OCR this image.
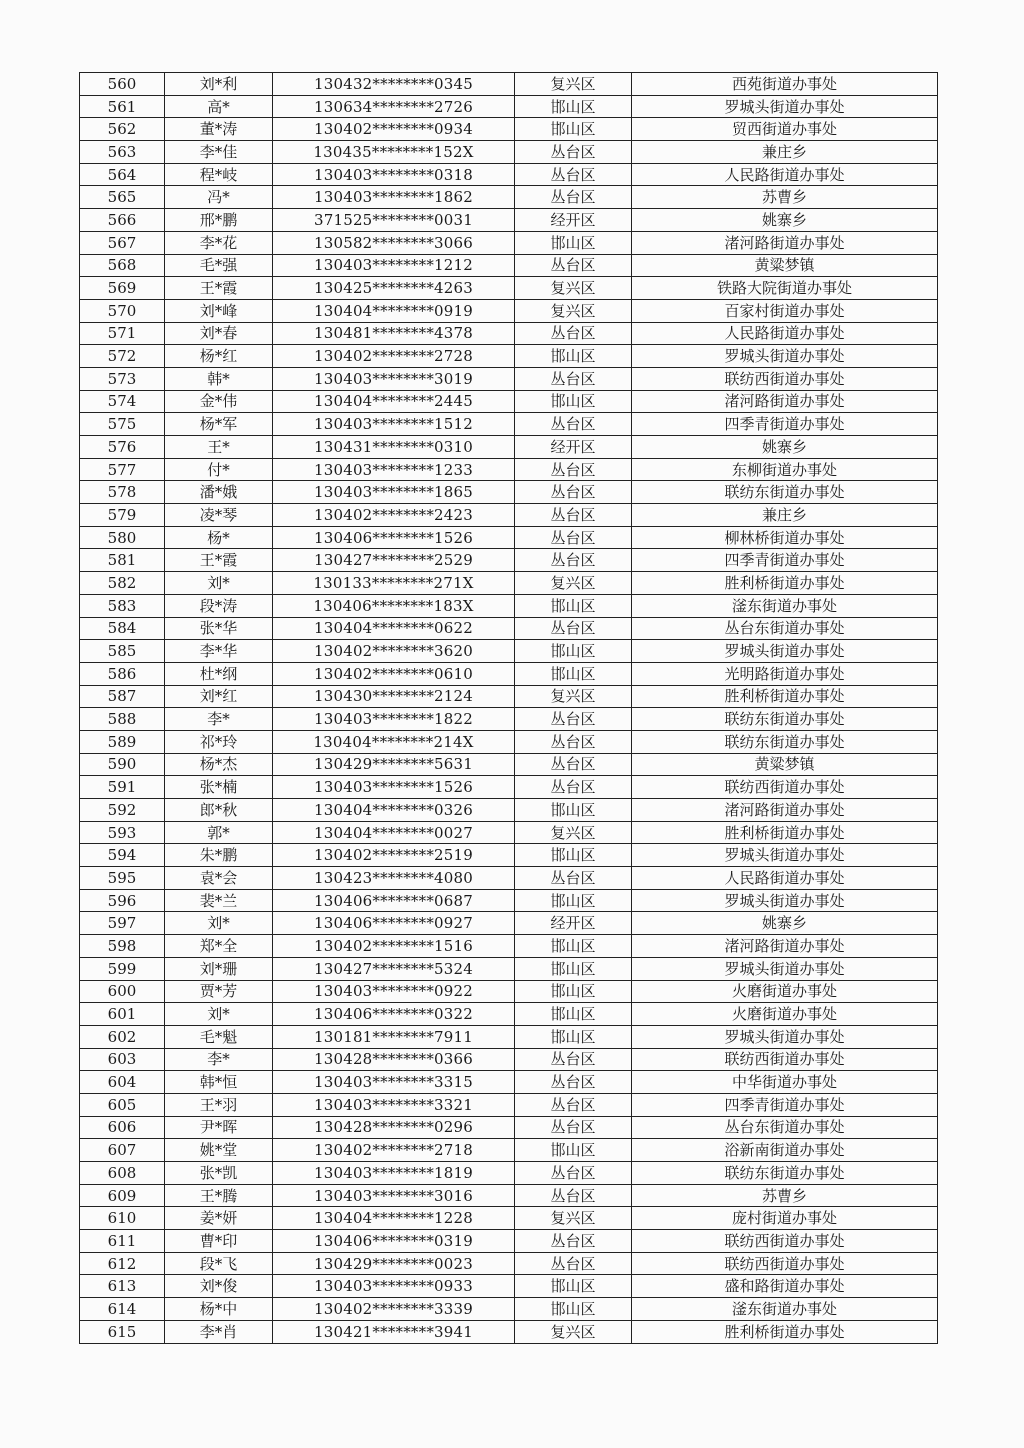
560	刘*利	130432********0345	复兴区	西苑街道办事处
561	高*	130634********2726	邯山区	罗城头街道办事处
562	董*涛	130402********0934	邯山区	贸西街道办事处
563	李*佳	130435********152X	丛台区	兼庄乡
564	程*岐	130403********0318	丛台区	人民路街道办事处
565	冯*	130403********1862	丛台区	苏曹乡
566	邢*鹏	371525********0031	经开区	姚寨乡
567	李*花	130582********3066	邯山区	渚河路街道办事处
568	毛*强	130403********1212	丛台区	黄粱梦镇
569	王*霞	130425********4263	复兴区	铁路大院街道办事处
570	刘*峰	130404********0919	复兴区	百家村街道办事处
571	刘*春	130481********4378	丛台区	人民路街道办事处
572	杨*红	130402********2728	邯山区	罗城头街道办事处
573	韩*	130403********3019	丛台区	联纺西街道办事处
574	金*伟	130404********2445	邯山区	渚河路街道办事处
575	杨*军	130403********1512	丛台区	四季青街道办事处
576	王*	130431********0310	经开区	姚寨乡
577	付*	130403********1233	丛台区	东柳街道办事处
578	潘*娥	130403********1865	丛台区	联纺东街道办事处
579	凌*琴	130402********2423	丛台区	兼庄乡
580	杨*	130406********1526	丛台区	柳林桥街道办事处
581	王*霞	130427********2529	丛台区	四季青街道办事处
582	刘*	130133********271X	复兴区	胜利桥街道办事处
583	段*涛	130406********183X	邯山区	滏东街道办事处
584	张*华	130404********0622	丛台区	丛台东街道办事处
585	李*华	130402********3620	邯山区	罗城头街道办事处
586	杜*纲	130402********0610	邯山区	光明路街道办事处
587	刘*红	130430********2124	复兴区	胜利桥街道办事处
588	李*	130403********1822	丛台区	联纺东街道办事处
589	祁*玲	130404********214X	丛台区	联纺东街道办事处
590	杨*杰	130429********5631	丛台区	黄粱梦镇
591	张*楠	130403********1526	丛台区	联纺西街道办事处
592	郎*秋	130404********0326	邯山区	渚河路街道办事处
593	郭*	130404********0027	复兴区	胜利桥街道办事处
594	朱*鹏	130402********2519	邯山区	罗城头街道办事处
595	袁*会	130423********4080	丛台区	人民路街道办事处
596	裴*兰	130406********0687	邯山区	罗城头街道办事处
597	刘*	130406********0927	经开区	姚寨乡
598	郑*全	130402********1516	邯山区	渚河路街道办事处
599	刘*珊	130427********5324	邯山区	罗城头街道办事处
600	贾*芳	130403********0922	邯山区	火磨街道办事处
601	刘*	130406********0322	邯山区	火磨街道办事处
602	毛*魁	130181********7911	邯山区	罗城头街道办事处
603	李*	130428********0366	丛台区	联纺西街道办事处
604	韩*恒	130403********3315	丛台区	中华街道办事处
605	王*羽	130403********3321	丛台区	四季青街道办事处
606	尹*晖	130428********0296	丛台区	丛台东街道办事处
607	姚*堂	130402********2718	邯山区	浴新南街道办事处
608	张*凯	130403********1819	丛台区	联纺东街道办事处
609	王*腾	130403********3016	丛台区	苏曹乡
610	姜*妍	130404********1228	复兴区	庞村街道办事处
611	曹*印	130406********0319	丛台区	联纺西街道办事处
612	段*飞	130429********0023	丛台区	联纺西街道办事处
613	刘*俊	130403********0933	邯山区	盛和路街道办事处
614	杨*中	130402********3339	邯山区	滏东街道办事处
615	李*肖	130421********3941	复兴区	胜利桥街道办事处
